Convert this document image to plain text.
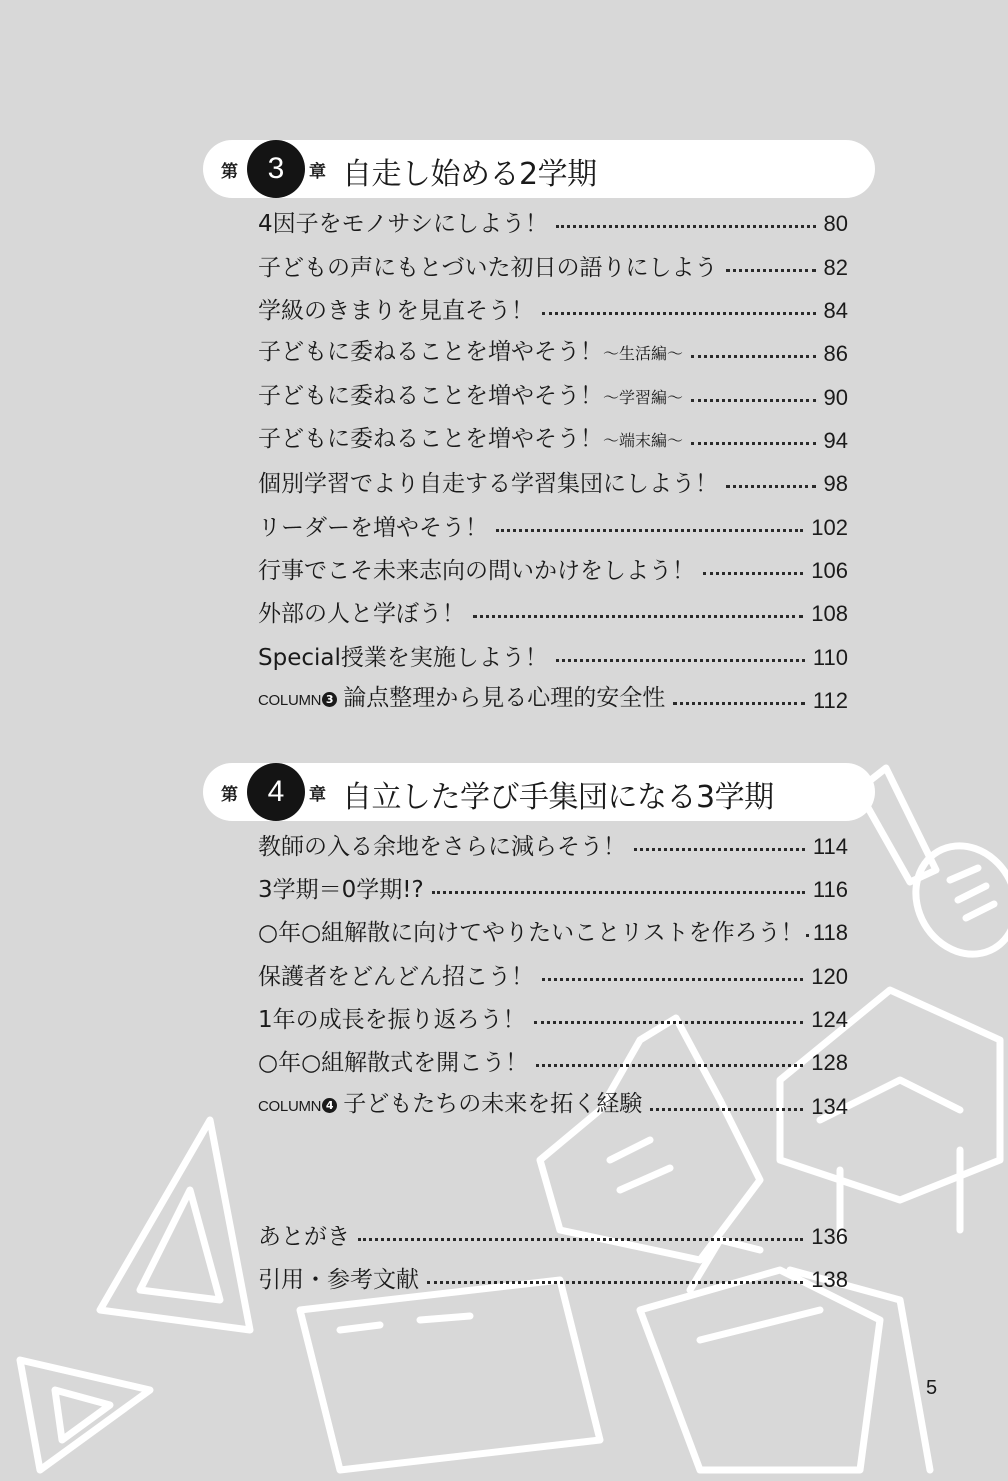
第 3	章 自走し始める2学期
4因子をモノサシにしよう！	80
子どもの声にもとづいた初日の語りにしよう	82
学級のきまりを見直そう！	84
子どもに委ねることを増やそう！～生活編～	86
子どもに委ねることを増やそう！～学習編～	90
子どもに委ねることを増やそう！～端末編～	94
個別学習でより自走する学習集団にしよう！	98
リーダーを増やそう！	102
行事でこそ未来志向の問いかけをしよう！	106
外部の人と学ぼう！	108
Special授業を実施しよう！	110
COLUMN 3 論点整理から見る心理的安全性	112
第 4	章 自立した学び手集団になる3学期
教師の入る余地をさらに減らそう！	114
3学期＝0学期!?	116
○年○組解散に向けてやりたいことリストを作ろう！ 118
保護者をどんどん招こう！	120
1年の成長を振り返ろう！	124
○年○組解散式を開こう！	128
COLUMN 4 子どもたちの未来を拓く経験	134
あとがき	136
引用・参考文献	138
5
